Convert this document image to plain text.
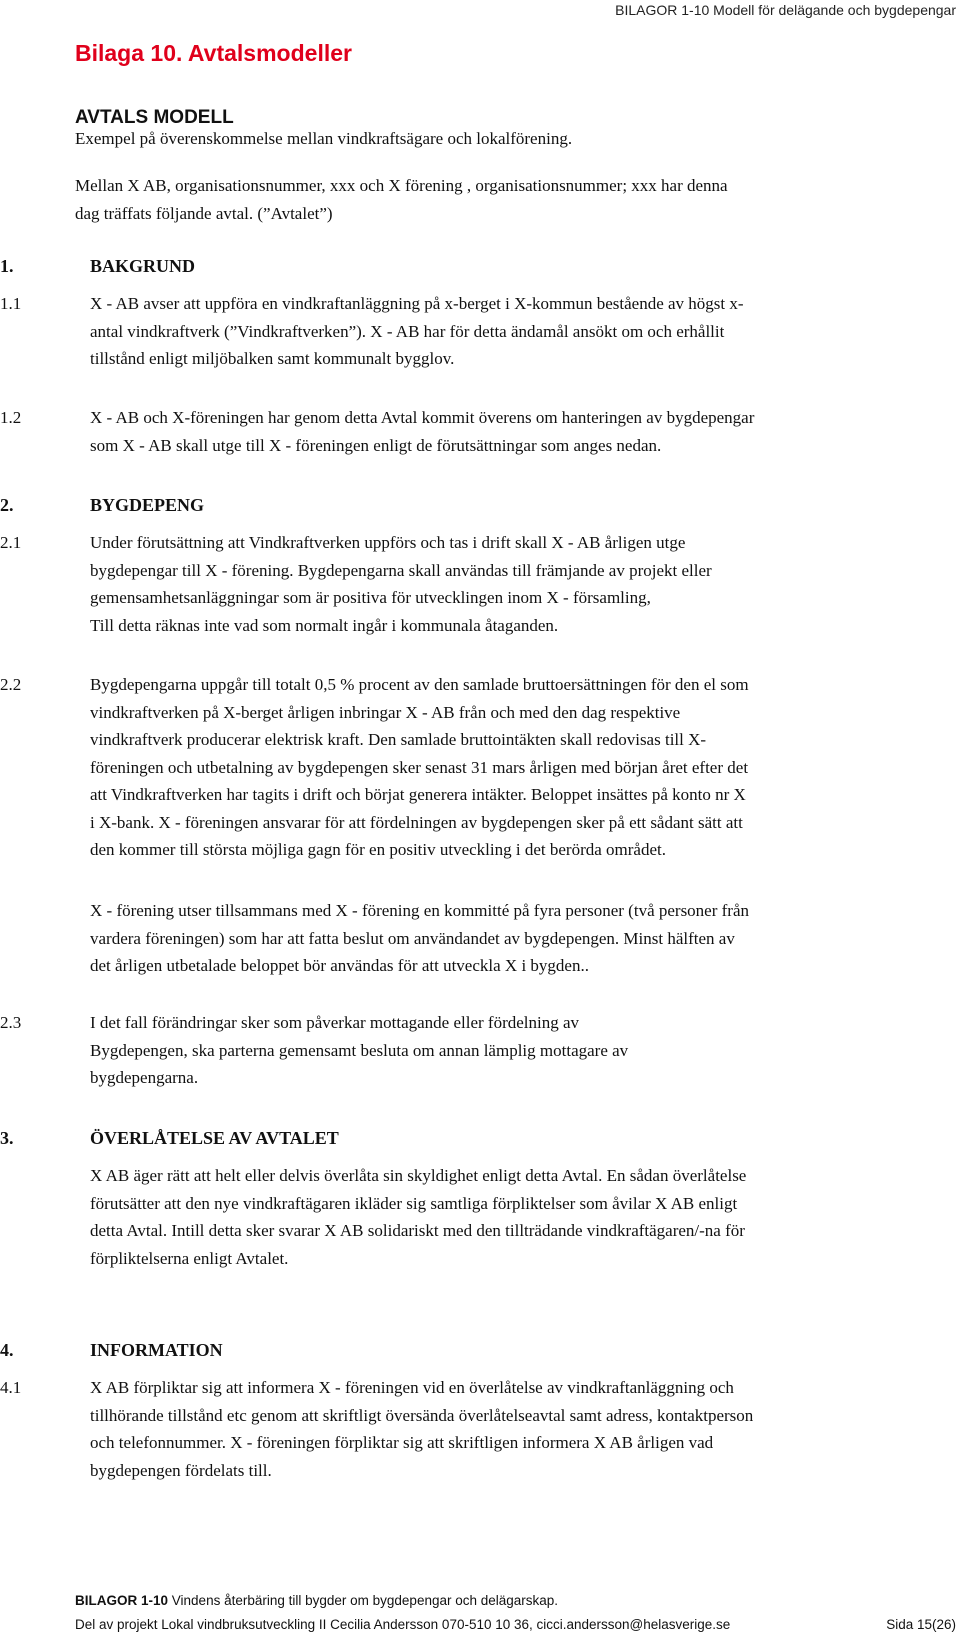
BILAGOR 1-10 Modell för delägande och bygdepengar
Bilaga 10. Avtalsmodeller
AVTALS MODELL
Exempel på överenskommelse mellan vindkraftsägare och lokalförening.

Mellan X AB, organisationsnummer, xxx och X förening , organisationsnummer; xxx har denna

dag träffats följande avtal. (”Avtalet”)

1.	BAKGRUND
1.1	X - AB avser att uppföra en vindkraftanläggning på x-berget i X-kommun bestående av högst x-

antal vindkraftverk (”Vindkraftverken”). X - AB har för detta ändamål ansökt om och erhållit

tillstånd enligt miljöbalken samt kommunalt bygglov.

1.2	X - AB och X-föreningen har genom detta Avtal kommit överens om hanteringen av bygdepengar

som X - AB skall utge till X - föreningen enligt de förutsättningar som anges nedan.

2.	BYGDEPENG
2.1	Under förutsättning att Vindkraftverken uppförs och tas i drift skall X - AB årligen utge

bygdepengar till X - förening. Bygdepengarna skall användas till främjande av projekt eller

gemensamhetsanläggningar som är positiva för utvecklingen inom X - församling,

Till detta räknas inte vad som normalt ingår i kommunala åtaganden.

2.2	Bygdepengarna uppgår till totalt 0,5 % procent av den samlade bruttoersättningen för den el som

vindkraftverken på X-berget årligen inbringar X - AB från och med den dag respektive

vindkraftverk producerar elektrisk kraft. Den samlade bruttointäkten skall redovisas till X-

föreningen och utbetalning av bygdepengen sker senast 31 mars årligen med början året efter det

att Vindkraftverken har tagits i drift och börjat generera intäkter. Beloppet insättes på konto nr X

i X-bank. X - föreningen ansvarar för att fördelningen av bygdepengen sker på ett sådant sätt att

den kommer till största möjliga gagn för en positiv utveckling i det berörda området.

X - förening utser tillsammans med X - förening en kommitté på fyra personer (två personer från

vardera föreningen) som har att fatta beslut om användandet av bygdepengen. Minst hälften av

det årligen utbetalade beloppet bör användas för att utveckla X i bygden..

2.3	I det fall förändringar sker som påverkar mottagande eller fördelning av

Bygdepengen, ska parterna gemensamt besluta om annan lämplig mottagare av

bygdepengarna.

3.	ÖVERLÅTELSE AV AVTALET

X AB äger rätt att helt eller delvis överlåta sin skyldighet enligt detta Avtal. En sådan överlåtelse

förutsätter att den nye vindkraftägaren ikläder sig samtliga förpliktelser som åvilar X AB enligt

detta Avtal. Intill detta sker svarar X AB solidariskt med den tillträdande vindkraftägaren/-na för

förpliktelserna enligt Avtalet.

4.	INFORMATION
4.1	X AB förpliktar sig att informera X - föreningen vid en överlåtelse av vindkraftanläggning och

tillhörande tillstånd etc genom att skriftligt översända överlåtelseavtal samt adress, kontaktperson

och telefonnummer. X - föreningen förpliktar sig att skriftligen informera X AB årligen vad

bygdepengen fördelats till.

BILAGOR 1-10 Vindens återbäring till bygder om bygdepengar och delägarskap.
Del av projekt Lokal vindbruksutveckling II Cecilia Andersson 070-510 10 36, cicci.andersson@helasverige.se	Sida 15(26)
